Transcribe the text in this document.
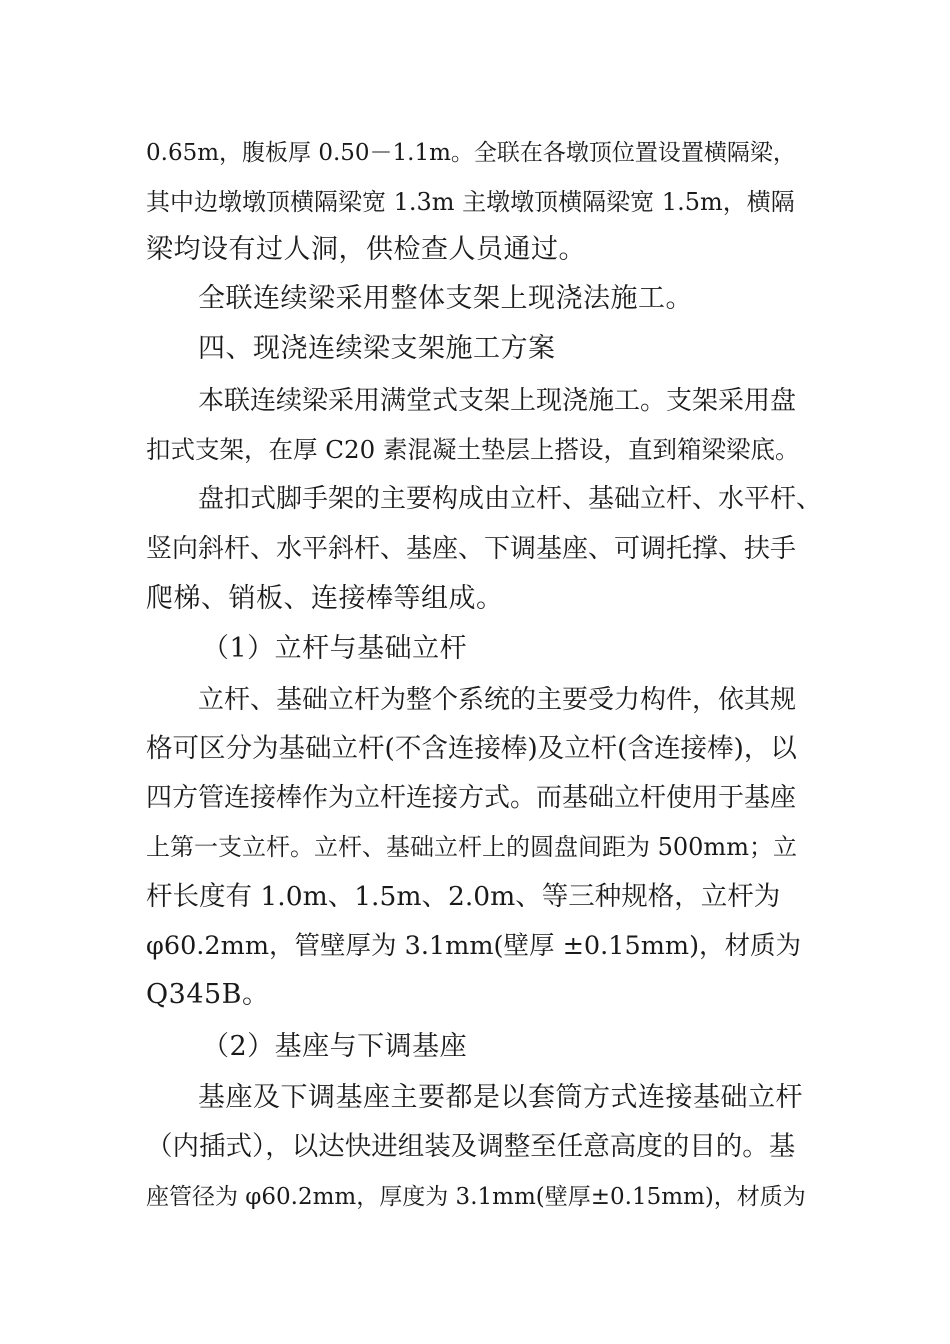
0.65m，腹板厚 0.50－1.1m。全联在各墩顶位置设置横隔梁，
其中边墩墩顶横隔梁宽 1.3m 主墩墩顶横隔梁宽 1.5m，横隔
梁均设有过人洞，供检查人员通过。
全联连续梁采用整体支架上现浇法施工。
四、现浇连续梁支架施工方案
本联连续梁采用满堂式支架上现浇施工。支架采用盘
扣式支架，在厚 C20 素混凝土垫层上搭设，直到箱梁梁底。
盘扣式脚手架的主要构成由立杆、基础立杆、水平杆、
竖向斜杆、水平斜杆、基座、下调基座、可调托撑、扶手
爬梯、销板、连接棒等组成。
（1）立杆与基础立杆
立杆、基础立杆为整个系统的主要受力构件，依其规
格可区分为基础立杆(不含连接棒)及立杆(含连接棒)，以
四方管连接棒作为立杆连接方式。而基础立杆使用于基座
上第一支立杆。立杆、基础立杆上的圆盘间距为 500mm；立
杆长度有 1.0m、1.5m、2.0m、等三种规格，立杆为
φ60.2mm，管壁厚为 3.1mm(壁厚 ±0.15mm)，材质为
Q345B。
（2）基座与下调基座
基座及下调基座主要都是以套筒方式连接基础立杆
（内插式），以达快进组装及调整至任意高度的目的。基
座管径为 φ60.2mm，厚度为 3.1mm(壁厚±0.15mm)，材质为
